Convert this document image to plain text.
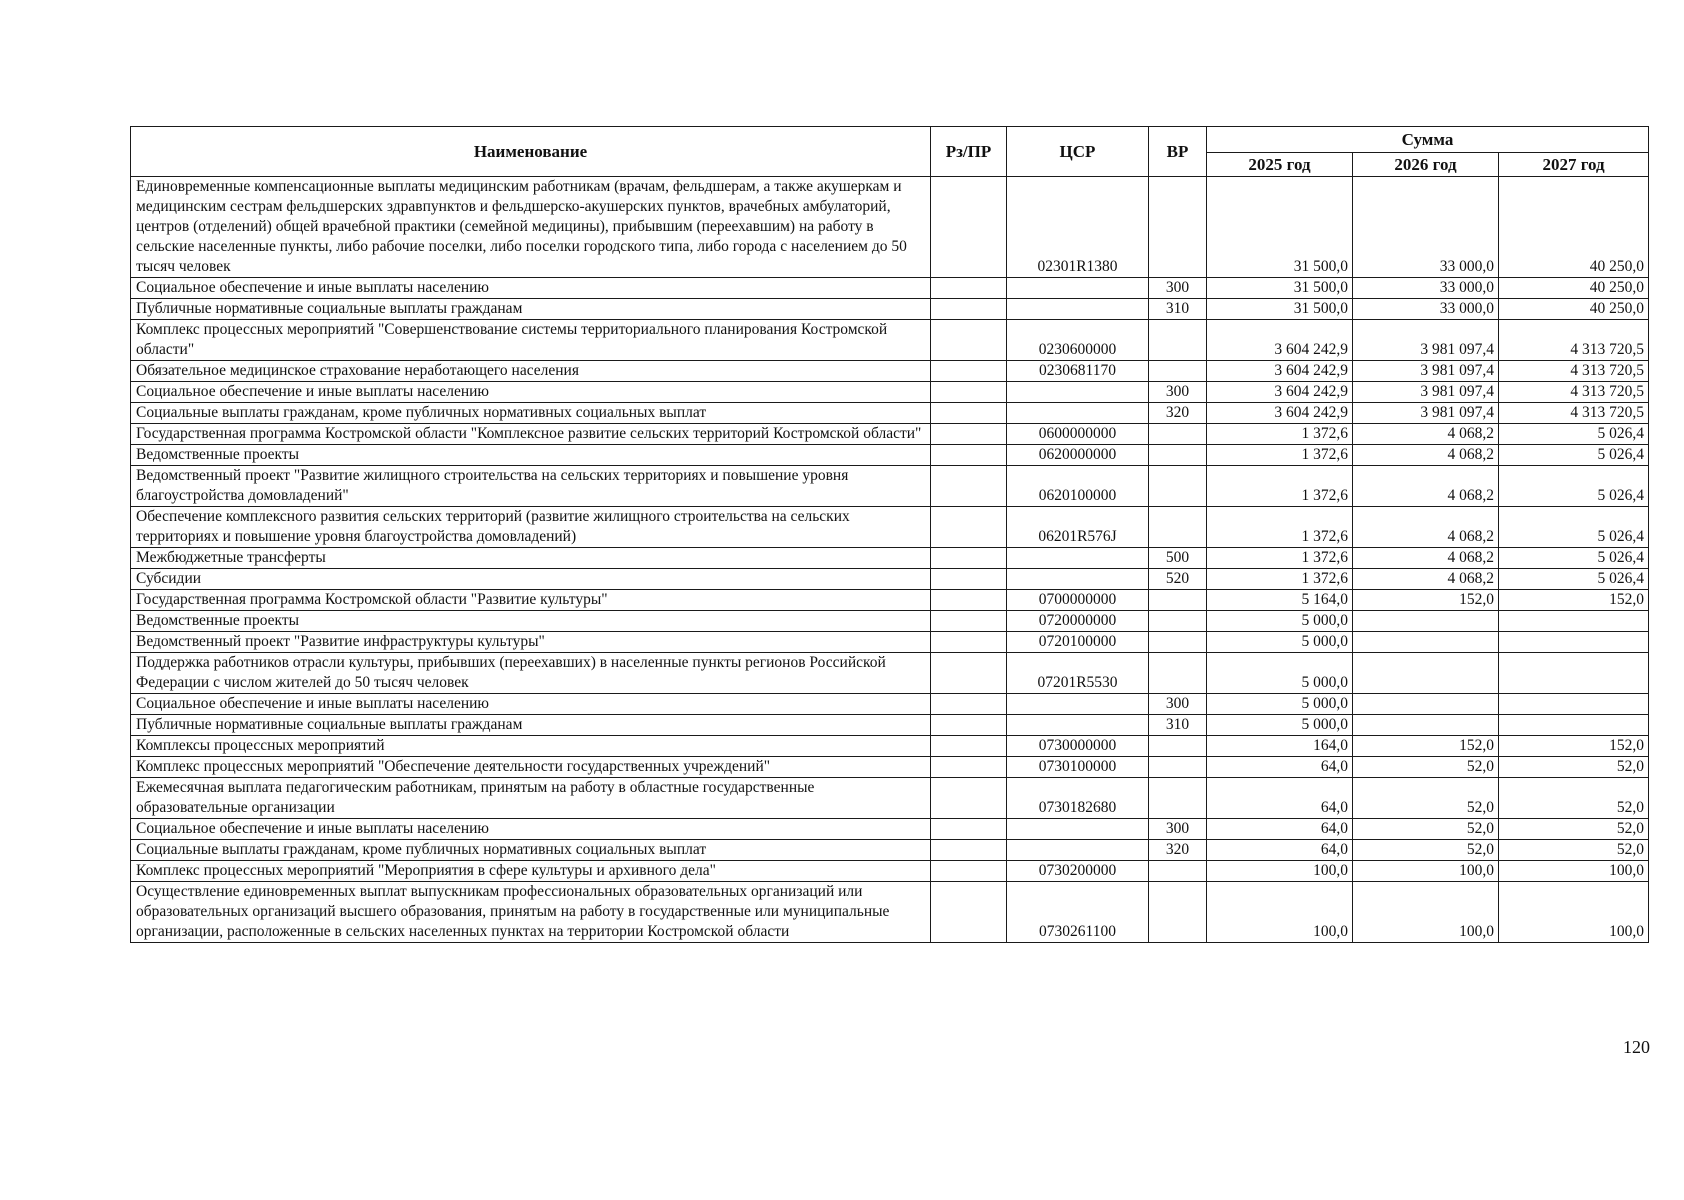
Наименование	Рз/ПР	ЦСР	ВР	Сумма		
				2025 год	2026 год	2027 год
Единовременные компенсационные выплаты медицинским работникам (врачам, фельдшерам, а также акушеркам и медицинским сестрам фельдшерских здравпунктов и фельдшерско-акушерских пунктов, врачебных амбулаторий, центров (отделений) общей врачебной практики (семейной медицины), прибывшим (переехавшим) на работу в сельские населенные пункты, либо рабочие поселки, либо поселки городского типа, либо города с населением до 50 тысяч человек		02301R1380		31 500,0	33 000,0	40 250,0
Социальное обеспечение и иные выплаты населению			300	31 500,0	33 000,0	40 250,0
Публичные нормативные социальные выплаты гражданам			310	31 500,0	33 000,0	40 250,0
Комплекс процессных мероприятий "Совершенствование системы территориального планирования Костромской области"		0230600000		3 604 242,9	3 981 097,4	4 313 720,5
Обязательное медицинское страхование неработающего населения		0230681170		3 604 242,9	3 981 097,4	4 313 720,5
Социальное обеспечение и иные выплаты населению			300	3 604 242,9	3 981 097,4	4 313 720,5
Социальные выплаты гражданам, кроме публичных нормативных социальных выплат			320	3 604 242,9	3 981 097,4	4 313 720,5
Государственная программа Костромской области "Комплексное развитие сельских территорий Костромской области"		0600000000		1 372,6	4 068,2	5 026,4
Ведомственные проекты		0620000000		1 372,6	4 068,2	5 026,4
Ведомственный проект "Развитие жилищного строительства на сельских территориях и повышение уровня благоустройства домовладений"		0620100000		1 372,6	4 068,2	5 026,4
Обеспечение комплексного развития сельских территорий (развитие жилищного строительства на сельских территориях и повышение уровня благоустройства домовладений)		06201R576J		1 372,6	4 068,2	5 026,4
Межбюджетные трансферты			500	1 372,6	4 068,2	5 026,4
Субсидии			520	1 372,6	4 068,2	5 026,4
Государственная программа Костромской области "Развитие культуры"		0700000000		5 164,0	152,0	152,0
Ведомственные проекты		0720000000		5 000,0		
Ведомственный проект "Развитие инфраструктуры культуры"		0720100000		5 000,0		
Поддержка работников отрасли культуры, прибывших (переехавших) в населенные пункты регионов Российской Федерации с числом жителей до 50 тысяч человек		07201R5530		5 000,0		
Социальное обеспечение и иные выплаты населению			300	5 000,0		
Публичные нормативные социальные выплаты гражданам			310	5 000,0		
Комплексы процессных мероприятий		0730000000		164,0	152,0	152,0
Комплекс процессных мероприятий "Обеспечение деятельности государственных учреждений"		0730100000		64,0	52,0	52,0
Ежемесячная выплата педагогическим работникам, принятым на работу в областные государственные образовательные организации		0730182680		64,0	52,0	52,0
Социальное обеспечение и иные выплаты населению			300	64,0	52,0	52,0
Социальные выплаты гражданам, кроме публичных нормативных социальных выплат			320	64,0	52,0	52,0
Комплекс процессных мероприятий "Мероприятия в сфере культуры и архивного дела"		0730200000		100,0	100,0	100,0
Осуществление единовременных выплат выпускникам профессиональных образовательных организаций или образовательных организаций высшего образования, принятым на работу в государственные или муниципальные организации, расположенные в сельских населенных пунктах на территории Костромской области		0730261100		100,0	100,0	100,0
120
